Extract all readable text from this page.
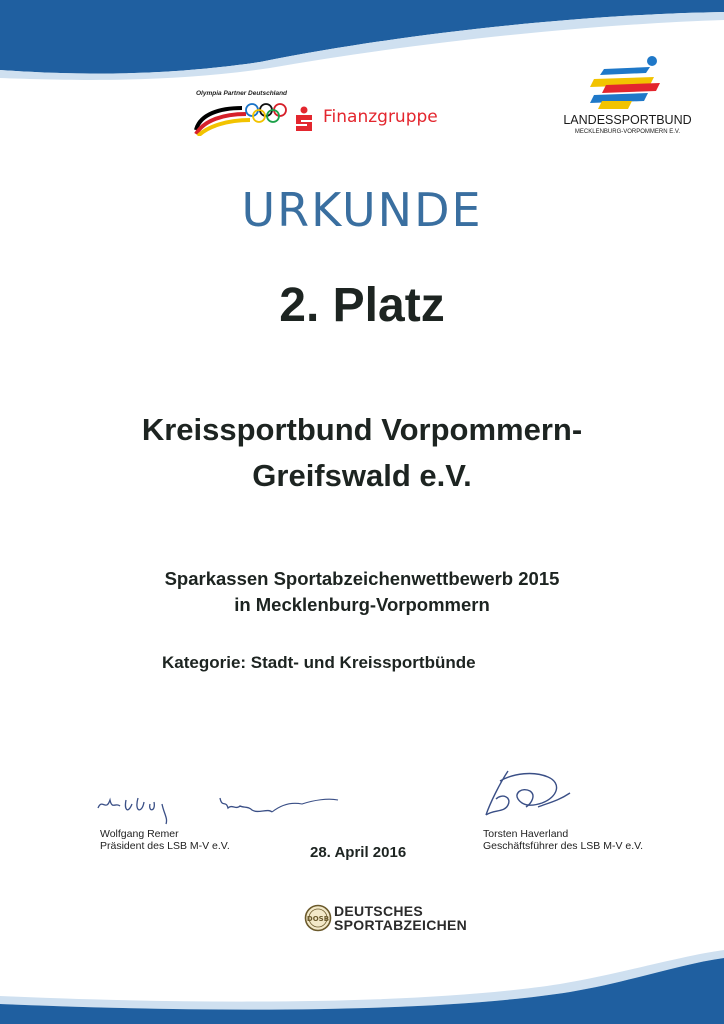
Olympia Partner Deutschland
Finanzgruppe	LANDESSPORTBUND
MECKLENBURG-VORPOMMERN E.V.
URKUNDE
2. Platz
Kreissportbund Vorpommern-
Greifswald e.V.
Sparkassen Sportabzeichenwettbewerb 2015
in Mecklenburg-Vorpommern
Kategorie: Stadt- und Kreissportbünde
Wolfgang Remer
Präsident des LSB M-V e.V.	28. April 2016
Torsten Haverland
Geschäftsführer des LSB M-V e.V.
DOSB DEUTSCHES
SPORTABZEICHEN
